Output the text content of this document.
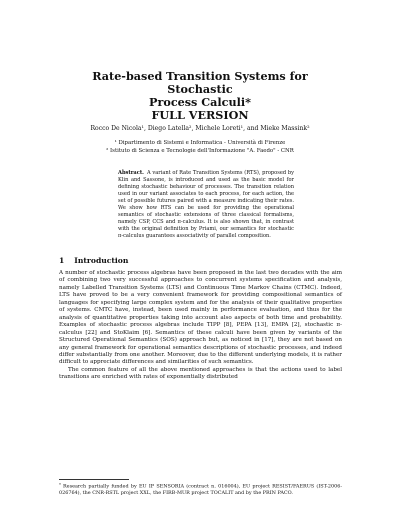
Rate-based Transition Systems for Stochastic
Process Calculi*
FULL VERSION
Rocco De Nicola¹, Diego Latella², Michele Loreti¹, and Mieke Massink²
¹ Dipartimento di Sistemi e Informatica - Università di Firenze
² Istituto di Scienza e Tecnologie dell'Informazione "A. Faedo" - CNR
Abstract. A variant of Rate Transition Systems (RTS), proposed by Klin and Sassone, is introduced and used as the basic model for defining stochastic behaviour of processes. The transition relation used in our variant associates to each process, for each action, the set of possible futures paired with a measure indicating their rates. We show how RTS can be used for providing the operational semantics of stochastic extensions of three classical formalisms, namely CSP, CCS and π-calculus. It is also shown that, in contrast with the original definition by Priami, our semantics for stochastic π-calculus guarantees associativity of parallel composition.
1 Introduction

A number of stochastic process algebras have been proposed in the last two decades with the aim of combining two very successful approaches to concurrent systems specification and analysis, namely Labelled Transition Systems (LTS) and Continuous Time Markov Chains (CTMC). Indeed, LTS have proved to be a very convenient framework for providing compositional semantics of languages for specifying large complex system and for the analysis of their qualitative properties of systems. CMTC have, instead, been used mainly in performance evaluation, and thus for the analysis of quantitative properties taking into account also aspects of both time and probability. Examples of stochastic process algebras include TIPP [8], PEPA [13], EMPA [2], stochastic π-calculus [22] and StoKlaim [6]. Semantics of these calculi have been given by variants of the Structured Operational Semantics (SOS) approach but, as noticed in [17], they are not based on any general framework for operational semantics descriptions of stochastic processes, and indeed differ substantially from one another. Moreover, due to the different underlying models, it is rather difficult to appreciate differences and similarities of such semantics.

The common feature of all the above mentioned approaches is that the actions used to label transitions are enriched with rates of exponentially distributed

* Research partially funded by EU IP SENSORIA (contract n. 016004), EU project RESIST/FAERUS (IST-2006-026764), the CNR-RSTL project XXL, the FIRB-MUR project TOCALIT and by the PRIN PACO.
